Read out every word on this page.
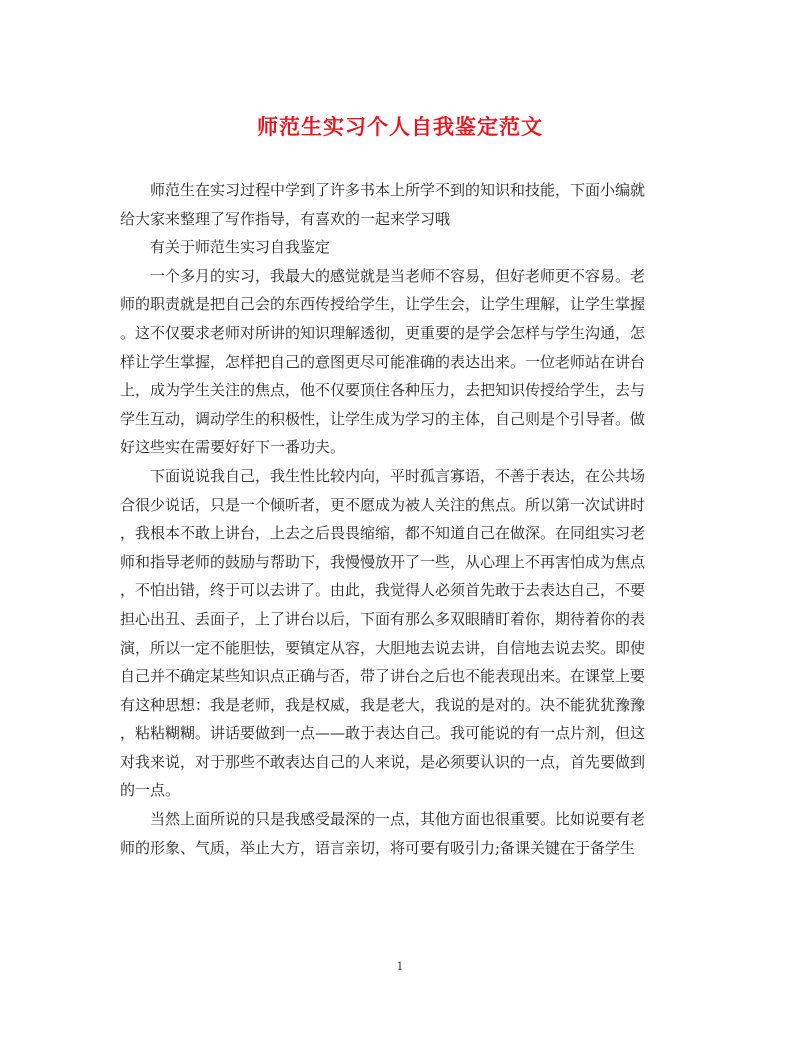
师范生实习个人自我鉴定范文
师范生在实习过程中学到了许多书本上所学不到的知识和技能，下面小编就
给大家来整理了写作指导，有喜欢的一起来学习哦
有关于师范生实习自我鉴定
一个多月的实习，我最大的感觉就是当老师不容易，但好老师更不容易。老
师的职责就是把自己会的东西传授给学生，让学生会，让学生理解，让学生掌握
。这不仅要求老师对所讲的知识理解透彻，更重要的是学会怎样与学生沟通，怎
样让学生掌握，怎样把自己的意图更尽可能准确的表达出来。一位老师站在讲台
上，成为学生关注的焦点，他不仅要顶住各种压力，去把知识传授给学生，去与
学生互动，调动学生的积极性，让学生成为学习的主体，自己则是个引导者。做
好这些实在需要好好下一番功夫。
下面说说我自己，我生性比较内向，平时孤言寡语，不善于表达，在公共场
合很少说话，只是一个倾听者，更不愿成为被人关注的焦点。所以第一次试讲时
，我根本不敢上讲台，上去之后畏畏缩缩，都不知道自己在做深。在同组实习老
师和指导老师的鼓励与帮助下，我慢慢放开了一些，从心理上不再害怕成为焦点
，不怕出错，终于可以去讲了。由此，我觉得人必须首先敢于去表达自己，不要
担心出丑、丢面子，上了讲台以后，下面有那么多双眼睛盯着你，期待着你的表
演，所以一定不能胆怯，要镇定从容，大胆地去说去讲，自信地去说去奖。即使
自己并不确定某些知识点正确与否，带了讲台之后也不能表现出来。在课堂上要
有这种思想：我是老师，我是权威，我是老大，我说的是对的。决不能犹犹豫豫
，粘粘糊糊。讲话要做到一点——敢于表达自己。我可能说的有一点片剂，但这
对我来说，对于那些不敢表达自己的人来说，是必须要认识的一点，首先要做到
的一点。
当然上面所说的只是我感受最深的一点，其他方面也很重要。比如说要有老
师的形象、气质，举止大方，语言亲切，将可要有吸引力;备课关键在于备学生
1
